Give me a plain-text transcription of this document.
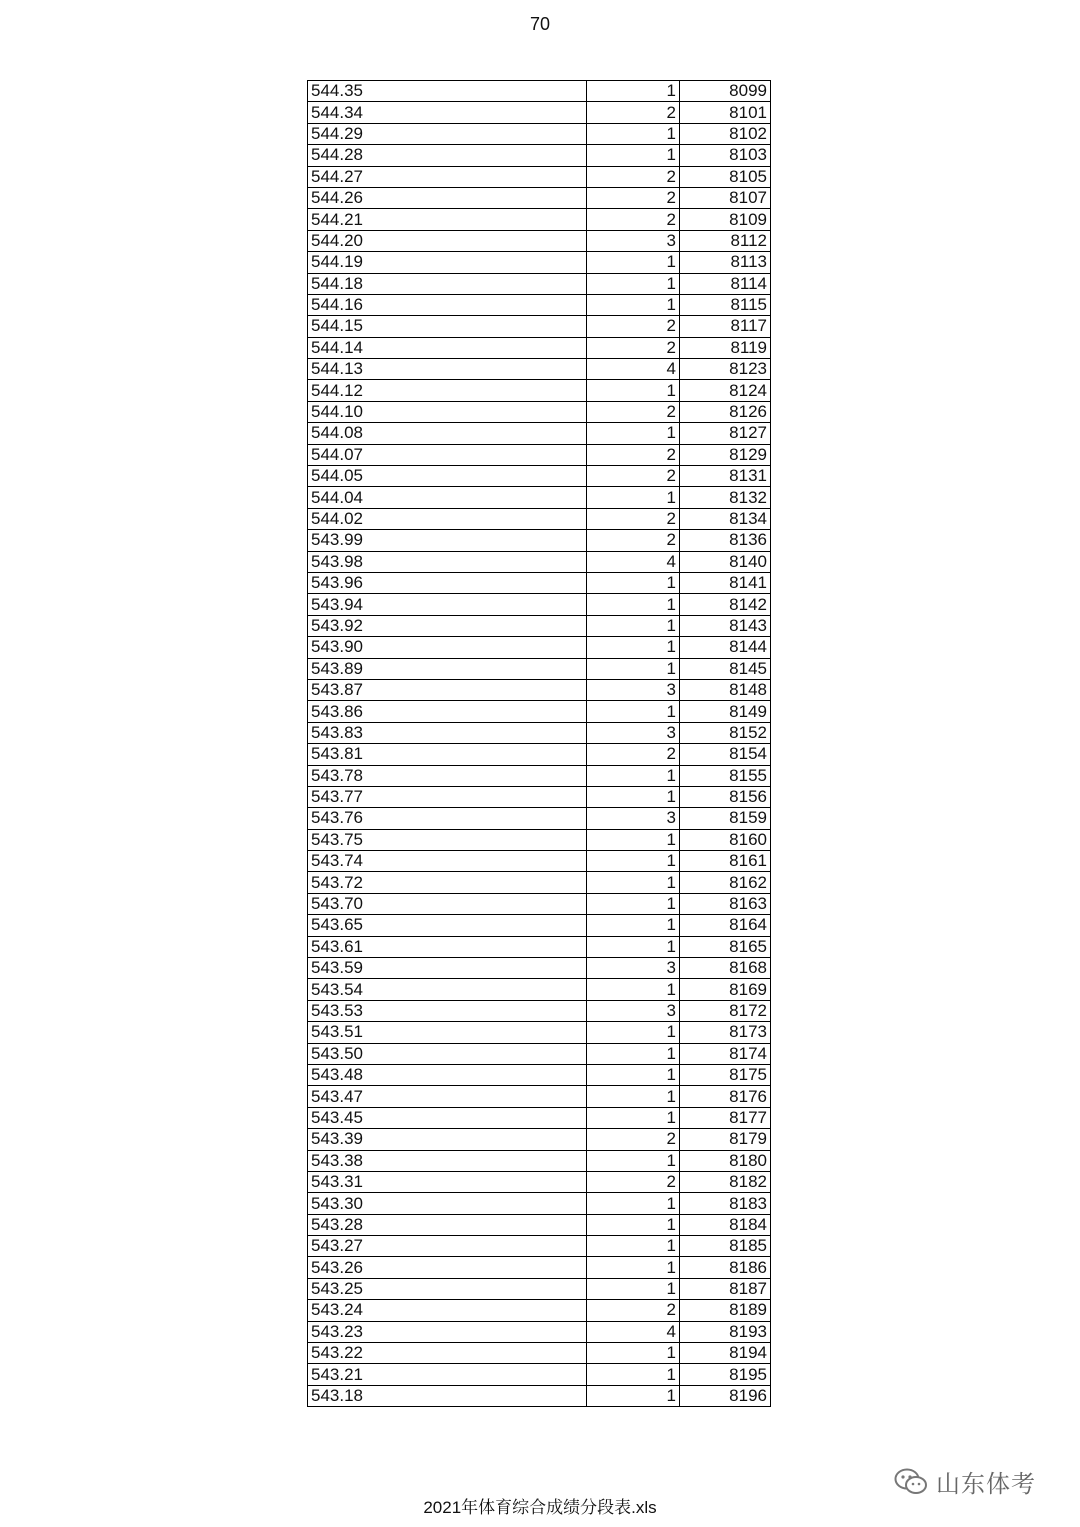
70
544.35	1	8099
544.34	2	8101
544.29	1	8102
544.28	1	8103
544.27	2	8105
544.26	2	8107
544.21	2	8109
544.20	3	8112
544.19	1	8113
544.18	1	8114
544.16	1	8115
544.15	2	8117
544.14	2	8119
544.13	4	8123
544.12	1	8124
544.10	2	8126
544.08	1	8127
544.07	2	8129
544.05	2	8131
544.04	1	8132
544.02	2	8134
543.99	2	8136
543.98	4	8140
543.96	1	8141
543.94	1	8142
543.92	1	8143
543.90	1	8144
543.89	1	8145
543.87	3	8148
543.86	1	8149
543.83	3	8152
543.81	2	8154
543.78	1	8155
543.77	1	8156
543.76	3	8159
543.75	1	8160
543.74	1	8161
543.72	1	8162
543.70	1	8163
543.65	1	8164
543.61	1	8165
543.59	3	8168
543.54	1	8169
543.53	3	8172
543.51	1	8173
543.50	1	8174
543.48	1	8175
543.47	1	8176
543.45	1	8177
543.39	2	8179
543.38	1	8180
543.31	2	8182
543.30	1	8183
543.28	1	8184
543.27	1	8185
543.26	1	8186
543.25	1	8187
543.24	2	8189
543.23	4	8193
543.22	1	8194
543.21	1	8195
543.18	1	8196
2021年体育综合成绩分段表.xls
山东体考
